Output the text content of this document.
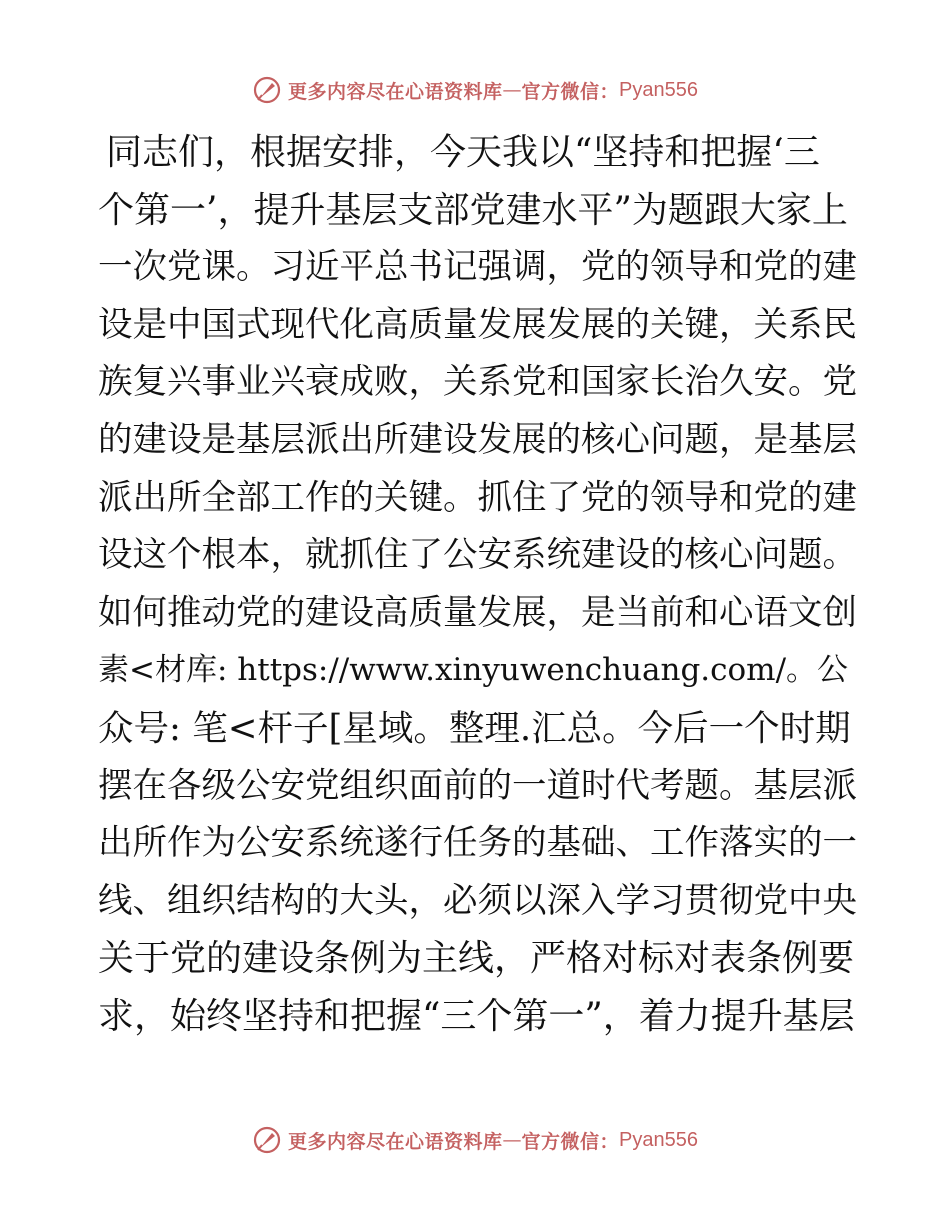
更多内容尽在心语资料库 — 官方微信： Pyan556
同志们，根据安排，今天我以“坚持和把握‘三
个第一’，提升基层支部党建水平”为题跟大家上
一次党课。习近平总书记强调，党的领导和党的建
设是中国式现代化高质量发展发展的关键，关系民
族复兴事业兴衰成败，关系党和国家长治久安。党
的建设是基层派出所建设发展的核心问题，是基层
派出所全部工作的关键。抓住了党的领导和党的建
设这个根本，就抓住了公安系统建设的核心问题。
如何推动党的建设高质量发展，是当前和心语文创
素<材库: https://www.xinyuwenchuang.com/。公
众号: 笔<杆子[星域。整理.汇总。今后一个时期
摆在各级公安党组织面前的一道时代考题。基层派
出所作为公安系统遂行任务的基础、工作落实的一
线、组织结构的大头，必须以深入学习贯彻党中央
关于党的建设条例为主线，严格对标对表条例要
求，始终坚持和把握“三个第一”，着力提升基层
更多内容尽在心语资料库 — 官方微信： Pyan556
